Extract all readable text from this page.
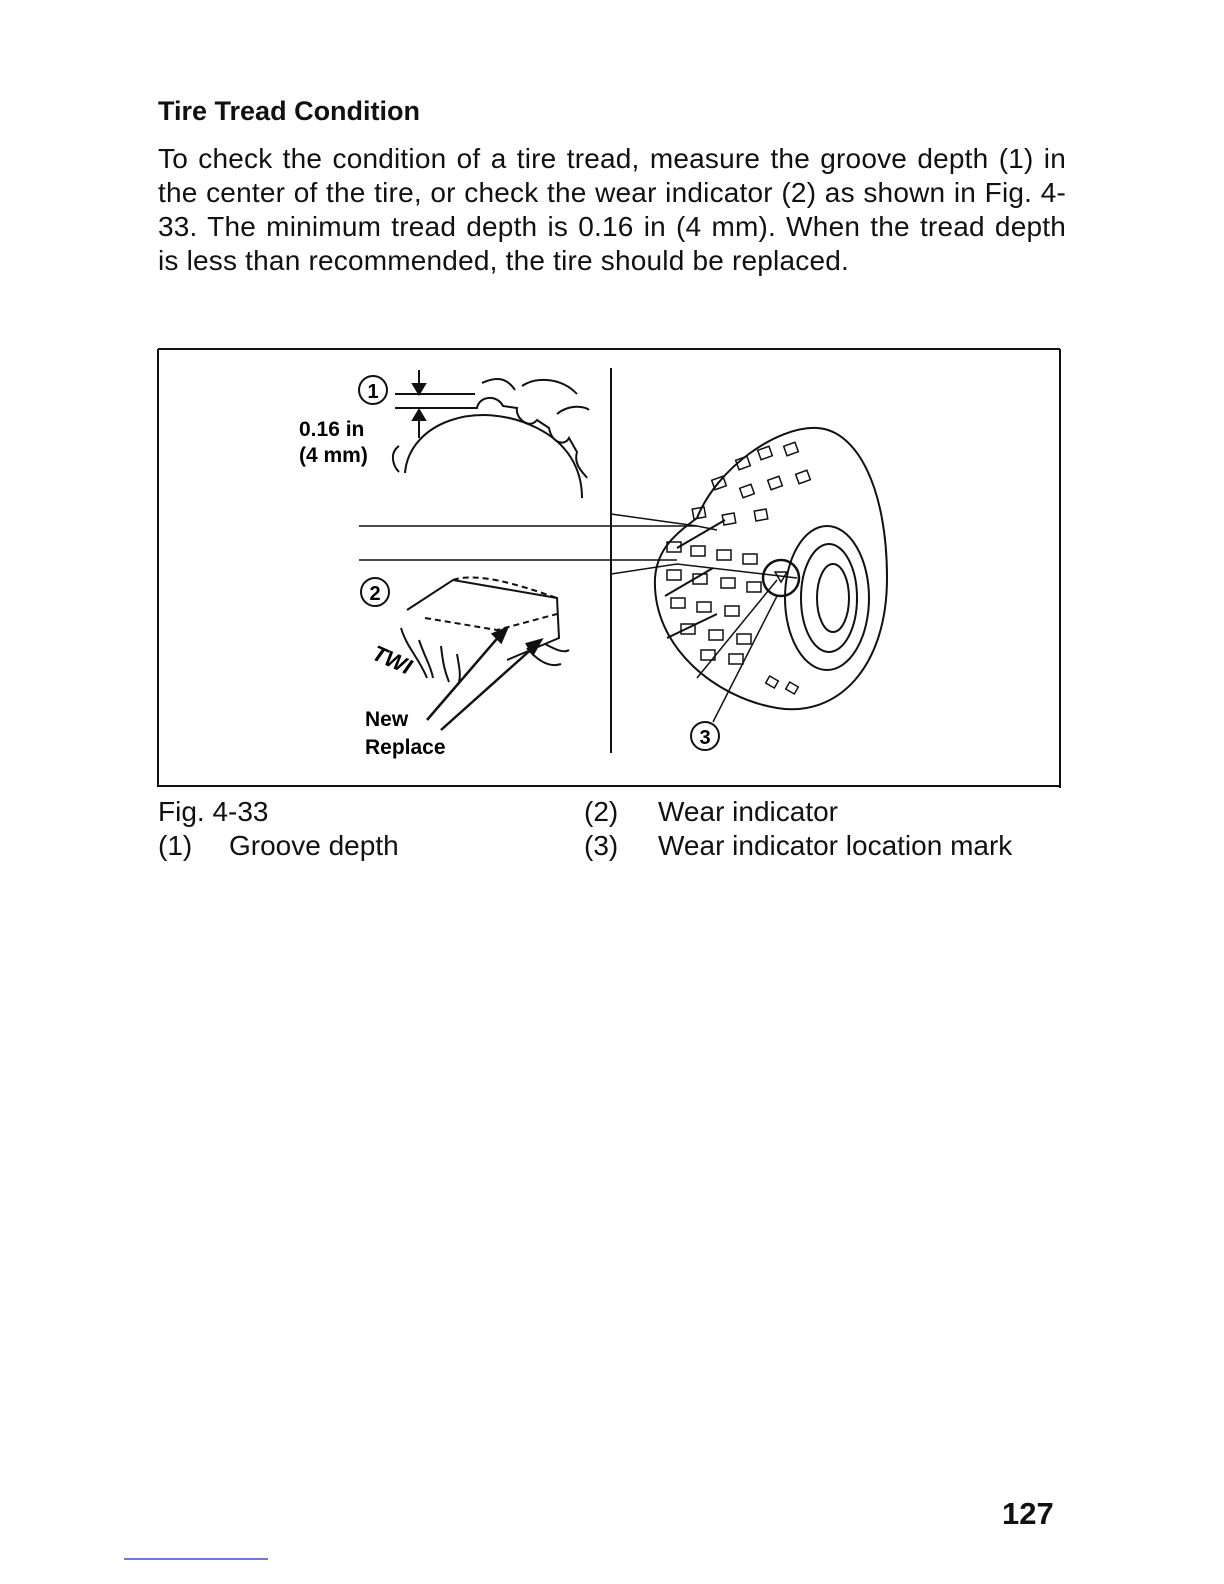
Tire Tread Condition

To check the condition of a tire tread, measure the groove depth (1) in the center of the tire, or check the wear indicator (2) as shown in Fig. 4-33. The minimum tread depth is 0.16 in (4 mm). When the tread depth is less than recommended, the tire should be replaced.

1
0.16 in
(4 mm)
2
TWI
New
Replace	3
Fig. 4-33
(1) Groove depth
(2) Wear indicator
(3) Wear indicator location mark
127
